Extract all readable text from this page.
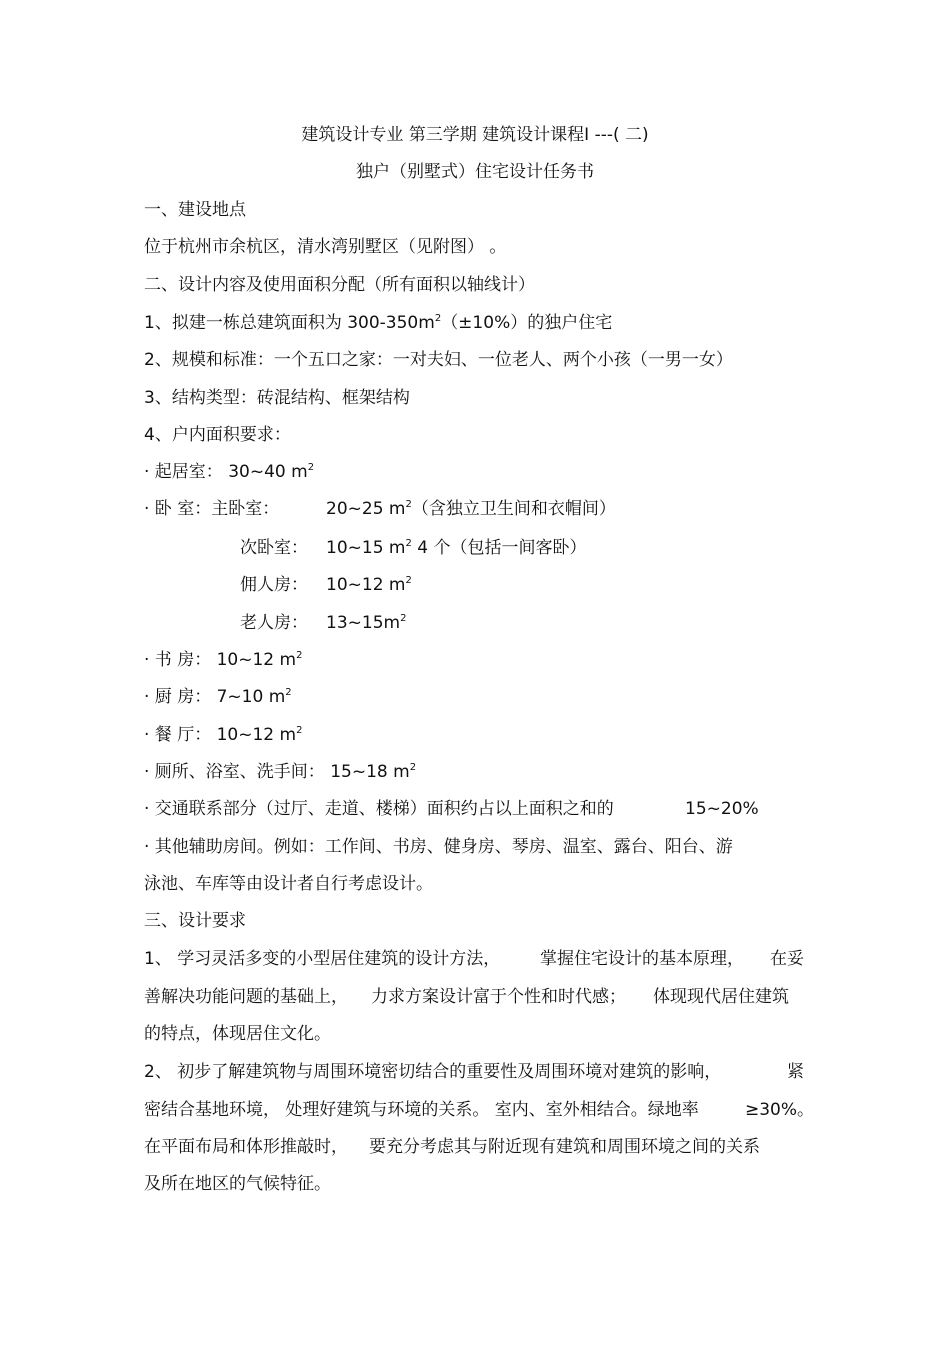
建筑设计专业 第三学期 建筑设计课程Ⅰ ---( 二)
独户（别墅式）住宅设计任务书
一、建设地点
位于杭州市余杭区，清水湾别墅区（见附图） 。
二、设计内容及使用面积分配（所有面积以轴线计）
1、拟建一栋总建筑面积为 $300-350m^2(\pm 10\%)$的独户住宅
2、规模和标准：一个五口之家：一对夫妇、一位老人、两个小孩（一男一女）
3、结构类型：砖混结构、框架结构
4、户内面积要求：
· 起居室： 30~40 $m^2$
· 卧 室：主卧室：	20~25 $m^2$（含独立卫生间和衣帽间）
次卧室： 10~15 $m^2$ 4 个（包括一间客卧）
佣人房： 10~12 $m^2$
老人房： $13\sim 15m^2$
· 书 房： 10~12 $m^2$
· 厨 房： 7~10 $m^2$
· 餐 厅： 10~12 $m^2$
· 厕所、浴室、洗手间： 15~18 $m^2$
· 交通联系部分（过厅、走道、楼梯）面积约占以上面积之和的	15~20%
· 其他辅助房间。例如：工作间、书房、健身房、琴房、温室、露台、阳台、游
泳池、车库等由设计者自行考虑设计。
三、设计要求
1、 学习灵活多变的小型居住建筑的设计方法， 掌握住宅设计的基本原理， 在妥
善解决功能问题的基础上， 力求方案设计富于个性和时代感； 体现现代居住建筑
的特点，体现居住文化。
2、 初步了解建筑物与周围环境密切结合的重要性及周围环境对建筑的影响，	紧
密结合基地环境， 处理好建筑与环境的关系。 室内、室外相结合。绿地率	≥30%。
在平面布局和体形推敲时， 要充分考虑其与附近现有建筑和周围环境之间的关系
及所在地区的气候特征。
